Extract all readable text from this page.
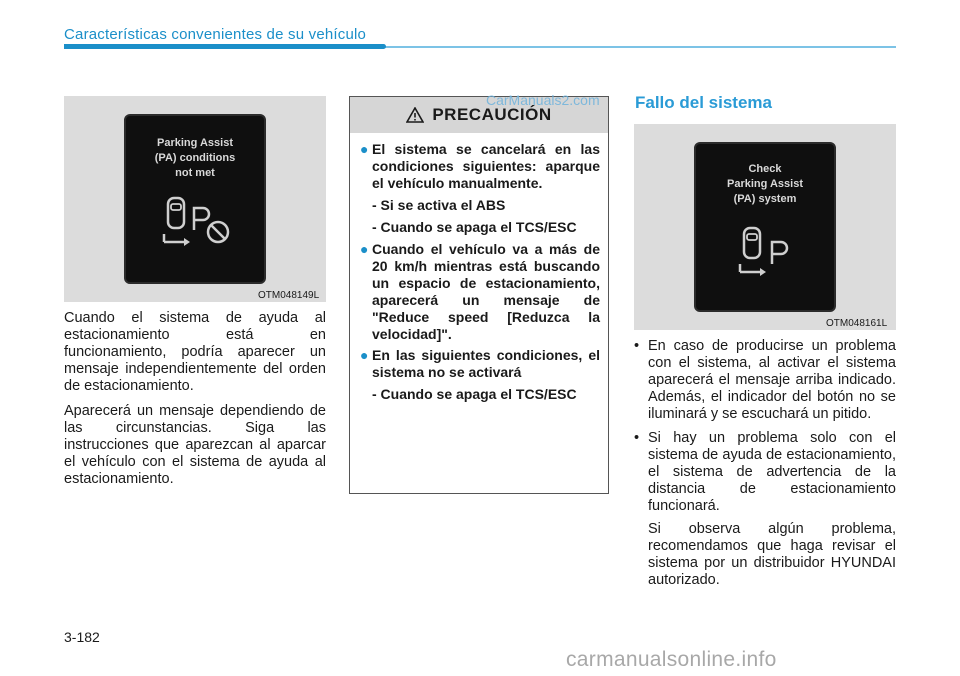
Características convenientes de su vehículo
Parking Assist
(PA) conditions
not met
OTM048149L

Cuando el sistema de ayuda al estacionamiento está en funcionamiento, podría aparecer un mensaje independientemente del orden de estacionamiento.

Aparecerá un mensaje dependiendo de las circunstancias. Siga las instrucciones que aparezcan al aparcar el vehículo con el sistema de ayuda al estacionamiento.

PRECAUCIÓN
● El sistema se cancelará en las condiciones siguientes: aparque el vehículo manualmente.
- Si se activa el ABS
- Cuando se apaga el TCS/ESC
● Cuando el vehículo va a más de 20 km/h mientras está buscando un espacio de estacionamiento, aparecerá un mensaje de "Reduce speed [Reduzca la velocidad]".
● En las siguientes condiciones, el sistema no se activará
- Cuando se apaga el TCS/ESC
CarManuals2.com Fallo del sistema
Check
Parking Assist
(PA) system
OTM048161L
• En caso de producirse un problema con el sistema, al activar el sistema aparecerá el mensaje arriba indicado. Además, el indicador del botón no se iluminará y se escuchará un pitido.
• Si hay un problema solo con el sistema de ayuda de estacionamiento, el sistema de advertencia de la distancia de estacionamiento funcionará.
Si observa algún problema, recomendamos que haga revisar el sistema por un distribuidor HYUNDAI autorizado.
3-182
carmanualsonline.info
